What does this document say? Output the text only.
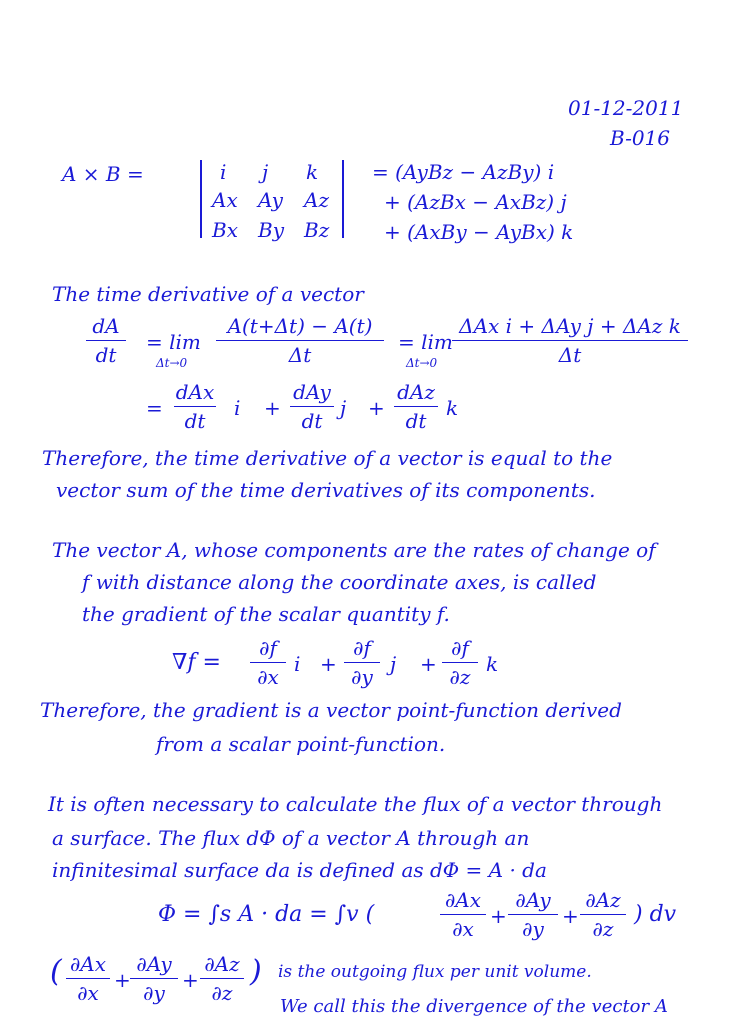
01-12-2011
B-016
A × B =	i j k
Ax Ay Az
Bx By Bz
= (AyBz − AzBy) i
+ (AzBx − AxBz) j
+ (AxBy − AyBx) k
The time derivative of a vector
dA
dt
= lim
Δt→0
A(t+Δt) − A(t)
Δt
= lim
Δt→0
ΔAx i + ΔAy j + ΔAz k
Δt
=
dAx
dt
i +
dAy
dt
j +
dAz
dt
k
Therefore, the time derivative of a vector is equal to the
vector sum of the time derivatives of its components.
The vector A, whose components are the rates of change of
f with distance along the coordinate axes, is called
the gradient of the scalar quantity f.
∇f =
∂f
∂x
i +
∂f
∂y
j +
∂f
∂z
k
Therefore, the gradient is a vector point-function derived
from a scalar point-function.
It is often necessary to calculate the flux of a vector through
a surface. The flux dΦ of a vector A through an
infinitesimal surface da is defined as dΦ = A · da
Φ = ∫s A · da = ∫v (
∂Ax
∂x
+
∂Ay
∂y
+
∂Az
∂z
) dv
( ∂Ax
∂x
+
∂Ay
∂y
+
∂Az
∂z
) is the outgoing flux per unit volume.
We call this the divergence of the vector A
